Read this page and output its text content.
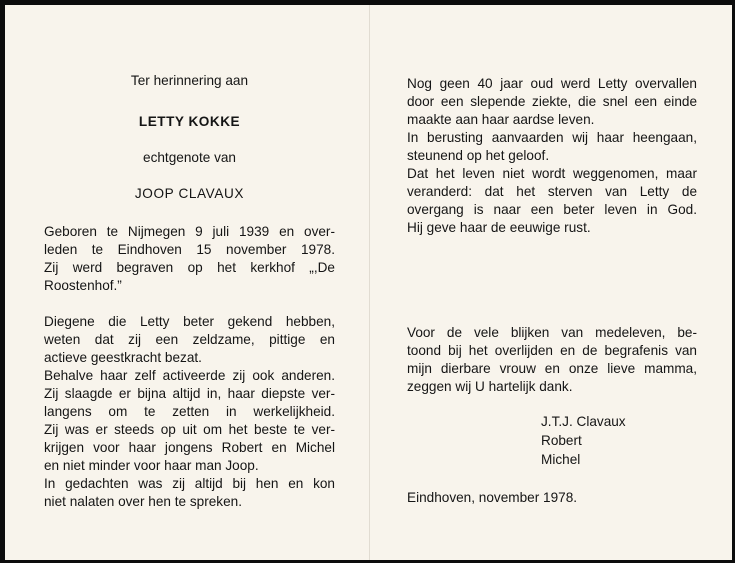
Ter herinnering aan
LETTY KOKKE
echtgenote van
JOOP CLAVAUX
Geboren te Nijmegen 9 juli 1939 en over-
leden te Eindhoven 15 november 1978.
Zij werd begraven op het kerkhof „,De
Roostenhof.”
Diegene die Letty beter gekend hebben,
weten dat zij een zeldzame, pittige en
actieve geestkracht bezat.
Behalve haar zelf activeerde zij ook anderen.
Zij slaagde er bijna altijd in, haar diepste ver-
langens om te zetten in werkelijkheid.
Zij was er steeds op uit om het beste te ver-
krijgen voor haar jongens Robert en Michel
en niet minder voor haar man Joop.
In gedachten was zij altijd bij hen en kon
niet nalaten over hen te spreken.
Nog geen 40 jaar oud werd Letty overvallen
door een slepende ziekte, die snel een einde
maakte aan haar aardse leven.
In berusting aanvaarden wij haar heengaan,
steunend op het geloof.
Dat het leven niet wordt weggenomen, maar
veranderd: dat het sterven van Letty de
overgang is naar een beter leven in God.
Hij geve haar de eeuwige rust.
Voor de vele blijken van medeleven, be-
toond bij het overlijden en de begrafenis van
mijn dierbare vrouw en onze lieve mamma,
zeggen wij U hartelijk dank.
J.T.J. Clavaux
Robert
Michel
Eindhoven, november 1978.
